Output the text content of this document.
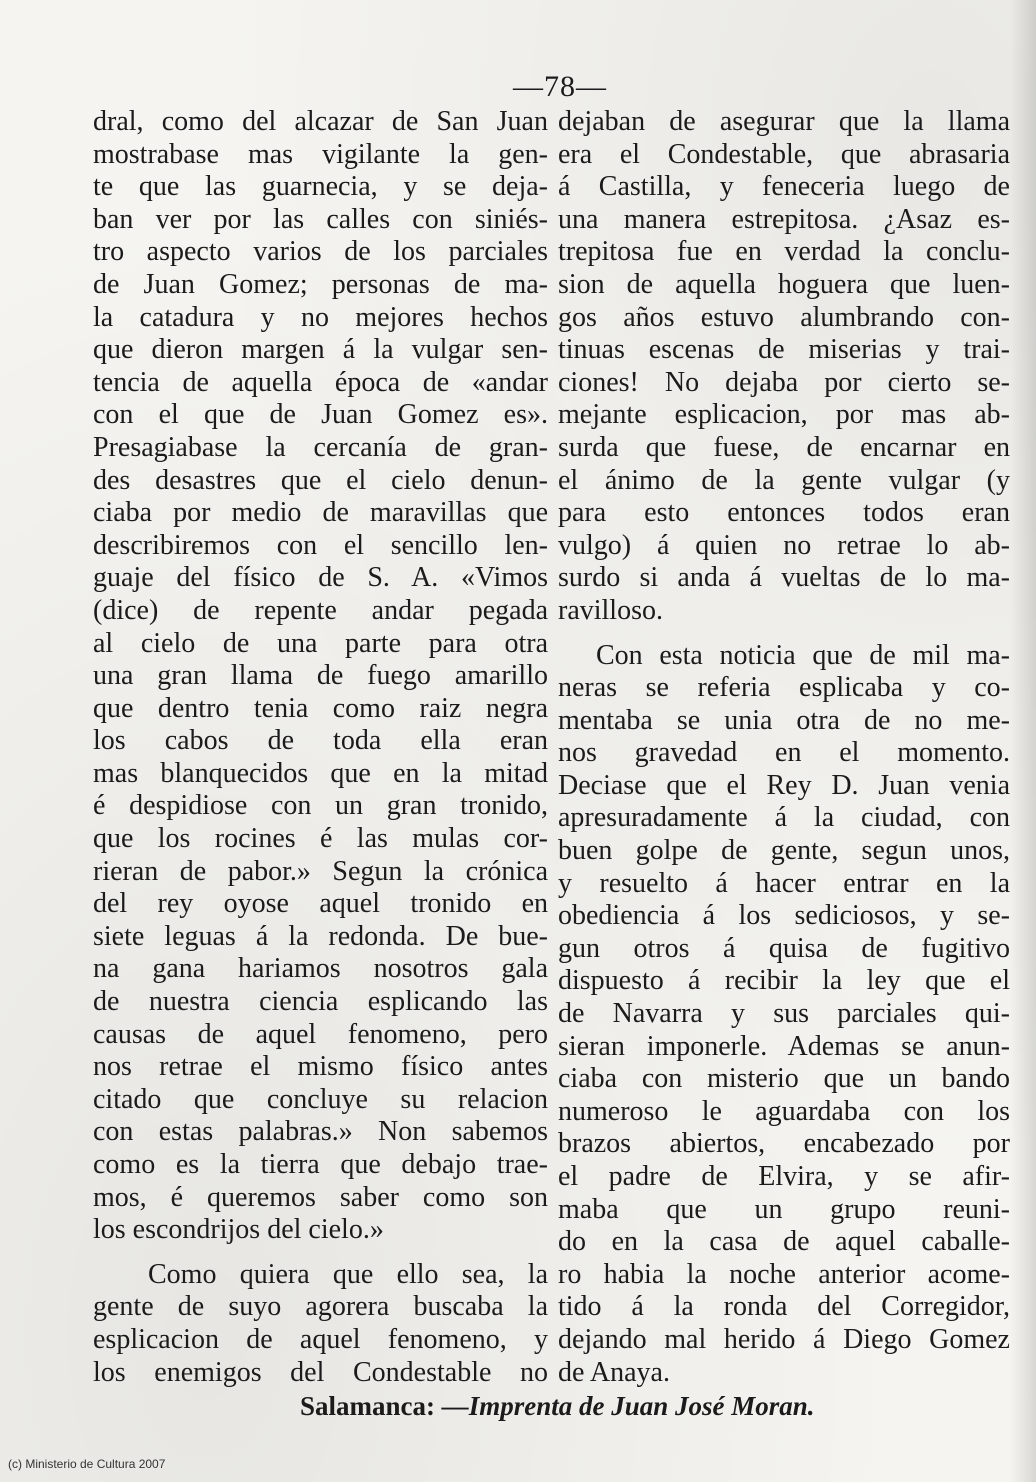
—78—
dral, como del alcazar de San Juan
mostrabase mas vigilante la gen-
te que las guarnecia, y se deja-
ban ver por las calles con siniés-
tro aspecto varios de los parciales
de Juan Gomez; personas de ma-
la catadura y no mejores hechos
que dieron margen á la vulgar sen-
tencia de aquella época de «andar
con el que de Juan Gomez es».
Presagiabase la cercanía de gran-
des desastres que el cielo denun-
ciaba por medio de maravillas que
describiremos con el sencillo len-
guaje del físico de S. A. «Vimos
(dice) de repente andar pegada
al cielo de una parte para otra
una gran llama de fuego amarillo
que dentro tenia como raiz negra
los cabos de toda ella eran
mas blanquecidos que en la mitad
é despidiose con un gran tronido,
que los rocines é las mulas cor-
rieran de pabor.» Segun la crónica
del rey oyose aquel tronido en
siete leguas á la redonda. De bue-
na gana hariamos nosotros gala
de nuestra ciencia esplicando las
causas de aquel fenomeno, pero
nos retrae el mismo físico antes
citado que concluye su relacion
con estas palabras.» Non sabemos
como es la tierra que debajo trae-
mos, é queremos saber como son
los escondrijos del cielo.»
Como quiera que ello sea, la
gente de suyo agorera buscaba la
esplicacion de aquel fenomeno, y
los enemigos del Condestable no
dejaban de asegurar que la llama
era el Condestable, que abrasaria
á Castilla, y feneceria luego de
una manera estrepitosa. ¿Asaz es-
trepitosa fue en verdad la conclu-
sion de aquella hoguera que luen-
gos años estuvo alumbrando con-
tinuas escenas de miserias y trai-
ciones! No dejaba por cierto se-
mejante esplicacion, por mas ab-
surda que fuese, de encarnar en
el ánimo de la gente vulgar (y
para esto entonces todos eran
vulgo) á quien no retrae lo ab-
surdo si anda á vueltas de lo ma-
ravilloso.
Con esta noticia que de mil ma-
neras se referia esplicaba y co-
mentaba se unia otra de no me-
nos gravedad en el momento.
Deciase que el Rey D. Juan venia
apresuradamente á la ciudad, con
buen golpe de gente, segun unos,
y resuelto á hacer entrar en la
obediencia á los sediciosos, y se-
gun otros á quisa de fugitivo
dispuesto á recibir la ley que el
de Navarra y sus parciales qui-
sieran imponerle. Ademas se anun-
ciaba con misterio que un bando
numeroso le aguardaba con los
brazos abiertos, encabezado por
el padre de Elvira, y se afir-
maba que un grupo reuni-
do en la casa de aquel caballe-
ro habia la noche anterior acome-
tido á la ronda del Corregidor,
dejando mal herido á Diego Gomez
de Anaya.
Salamanca: —Imprenta de Juan José Moran.
(c) Ministerio de Cultura 2007
